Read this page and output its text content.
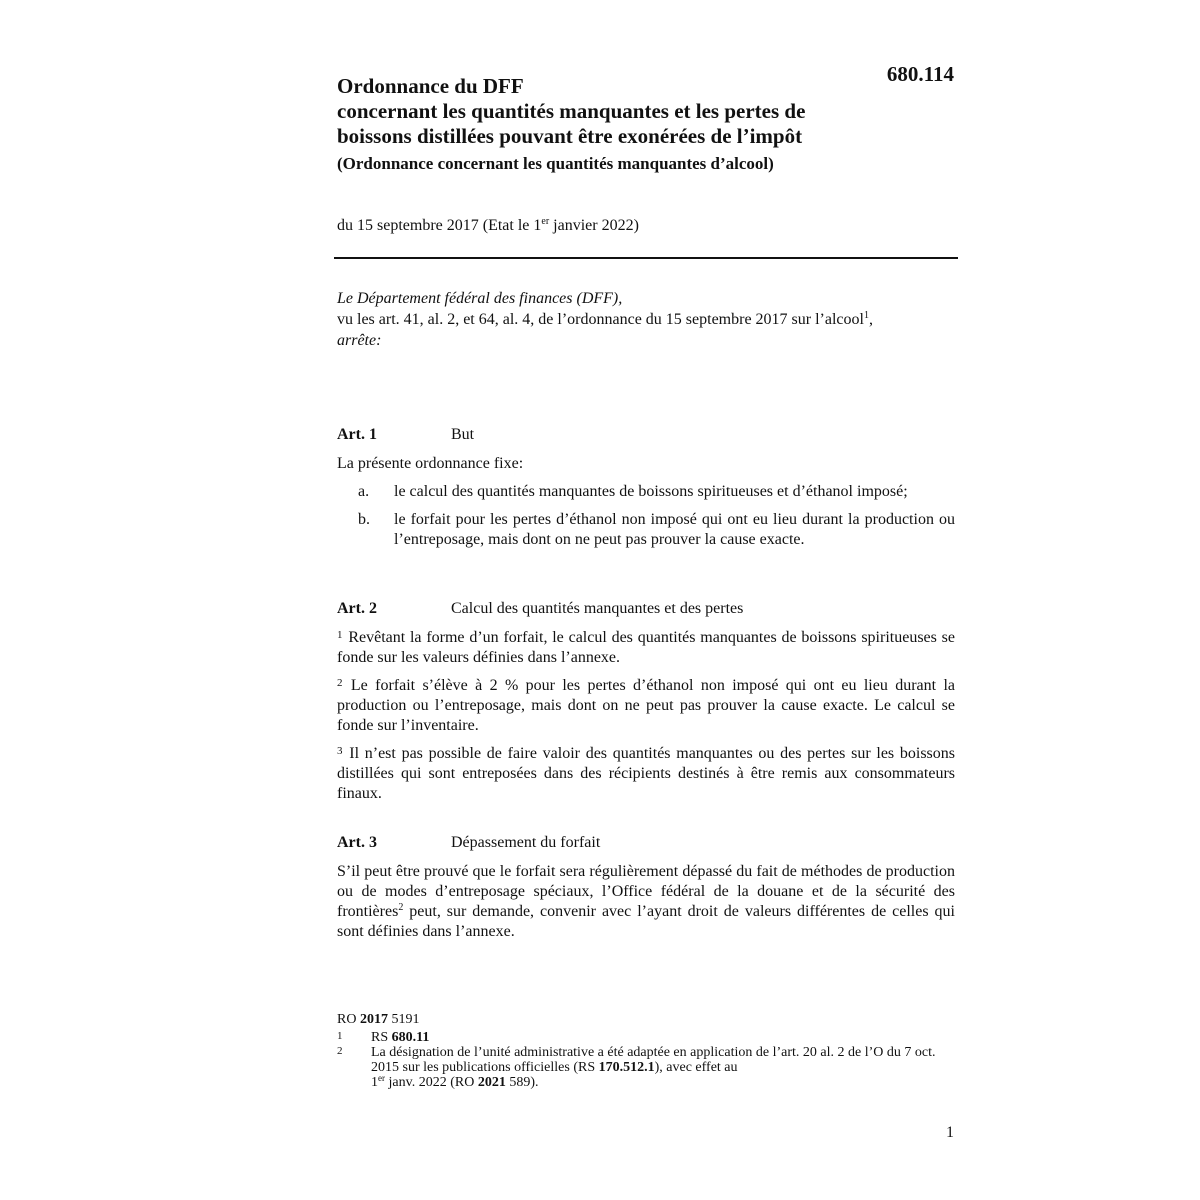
680.114
Ordonnance du DFF
concernant les quantités manquantes et les pertes de
boissons distillées pouvant être exonérées de l’impôt
(Ordonnance concernant les quantités manquantes d’alcool)
du 15 septembre 2017 (Etat le 1er janvier 2022)
Le Département fédéral des finances (DFF),
vu les art. 41, al. 2, et 64, al. 4, de l’ordonnance du 15 septembre 2017 sur l’alcool$^1$,
arrête:
Art. 1	But
La présente ordonnance fixe:
a.	le calcul des quantités manquantes de boissons spiritueuses et d’éthanol imposé;
b.	le forfait pour les pertes d’éthanol non imposé qui ont eu lieu durant la production ou l’entreposage, mais dont on ne peut pas prouver la cause exacte.
Art. 2	Calcul des quantités manquantes et des pertes
$^1$ Revêtant la forme d’un forfait, le calcul des quantités manquantes de boissons spiritueuses se fonde sur les valeurs définies dans l’annexe.
$^2$ Le forfait s’élève à 2 % pour les pertes d’éthanol non imposé qui ont eu lieu durant la production ou l’entreposage, mais dont on ne peut pas prouver la cause exacte. Le calcul se fonde sur l’inventaire.
$^3$ Il n’est pas possible de faire valoir des quantités manquantes ou des pertes sur les boissons distillées qui sont entreposées dans des récipients destinés à être remis aux consommateurs finaux.
Art. 3	Dépassement du forfait
S’il peut être prouvé que le forfait sera régulièrement dépassé du fait de méthodes de production ou de modes d’entreposage spéciaux, l’Office fédéral de la douane et de la sécurité des frontières$^2$ peut, sur demande, convenir avec l’ayant droit de valeurs différentes de celles qui sont définies dans l’annexe.
RO 2017 5191
1	RS 680.11
2	La désignation de l’unité administrative a été adaptée en application de l’art. 20 al. 2 de l’O du 7 oct. 2015 sur les publications officielles (RS 170.512.1), avec effet au
1er janv. 2022 (RO 2021 589).
1
